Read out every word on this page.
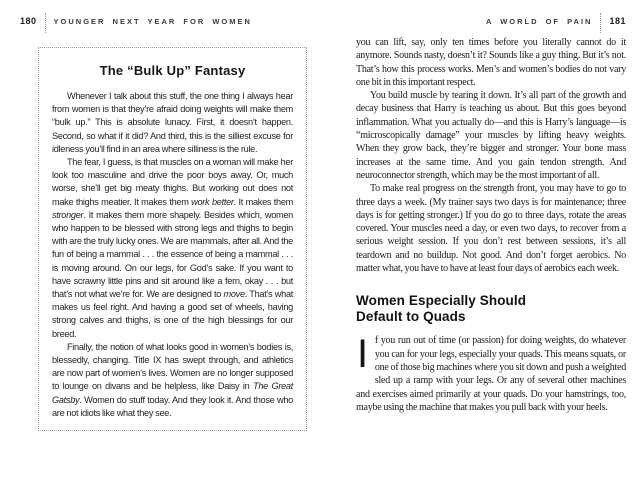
180 YOUNGER NEXT YEAR FOR WOMEN	A WORLD OF PAIN 181
The “Bulk Up” Fantasy

Whenever I talk about this stuff, the one thing I always hear from women is that they’re afraid doing weights will make them “bulk up.” This is absolute lunacy. First, it doesn’t happen. Second, so what if it did? And third, this is the silliest excuse for idleness you’ll find in an area where silliness is the rule.

The fear, I guess, is that muscles on a woman will make her look too masculine and drive the poor boys away. Or, much worse, she’ll get big meaty thighs. But working out does not make thighs meatier. It makes them work better. It makes them stronger. It makes them more shapely. Besides which, women who happen to be blessed with strong legs and thighs to begin with are the truly lucky ones. We are mammals, after all. And the fun of being a mammal . . . the essence of being a mammal . . . is moving around. On our legs, for God’s sake. If you want to have scrawny little pins and sit around like a fern, okay . . . but that’s not what we’re for. We are designed to move. That’s what makes us feel right. And having a good set of wheels, having strong calves and thighs, is one of the high blessings for our breed.

Finally, the notion of what looks good in women’s bodies is, blessedly, changing. Title IX has swept through, and athletics are now part of women’s lives. Women are no longer supposed to lounge on divans and be helpless, like Daisy in The Great Gatsby. Women do stuff today. And they look it. And those who are not idiots like what they see.

you can lift, say, only ten times before you literally cannot do it anymore. Sounds nasty, doesn’t it? Sounds like a guy thing. But it’s not. That’s how this process works. Men’s and women’s bodies do not vary one bit in this important respect.

You build muscle by tearing it down. It’s all part of the growth and decay business that Harry is teaching us about. But this goes beyond inflammation. What you actually do—and this is Harry’s language—is “microscopically damage” your muscles by lifting heavy weights. When they grow back, they’re bigger and stronger. Your bone mass increases at the same time. And you gain tendon strength. And neuroconnector strength, which may be the most important of all.

To make real progress on the strength front, you may have to go to three days a week. (My trainer says two days is for maintenance; three days is for getting stronger.) If you do go to three days, rotate the areas covered. Your muscles need a day, or even two days, to recover from a serious weight session. If you don’t rest between sessions, it’s all teardown and no buildup. Not good. And don’t forget aerobics. No matter what, you have to have at least four days of aerobics each week.

Women Especially Should
Default to Quads

If you run out of time (or passion) for doing weights, do whatever you can for your legs, especially your quads. This means squats, or one of those big machines where you sit down and push a weighted sled up a ramp with your legs. Or any of several other machines and exercises aimed primarily at your quads. Do your hamstrings, too, maybe using the machine that makes you pull back with your heels.
